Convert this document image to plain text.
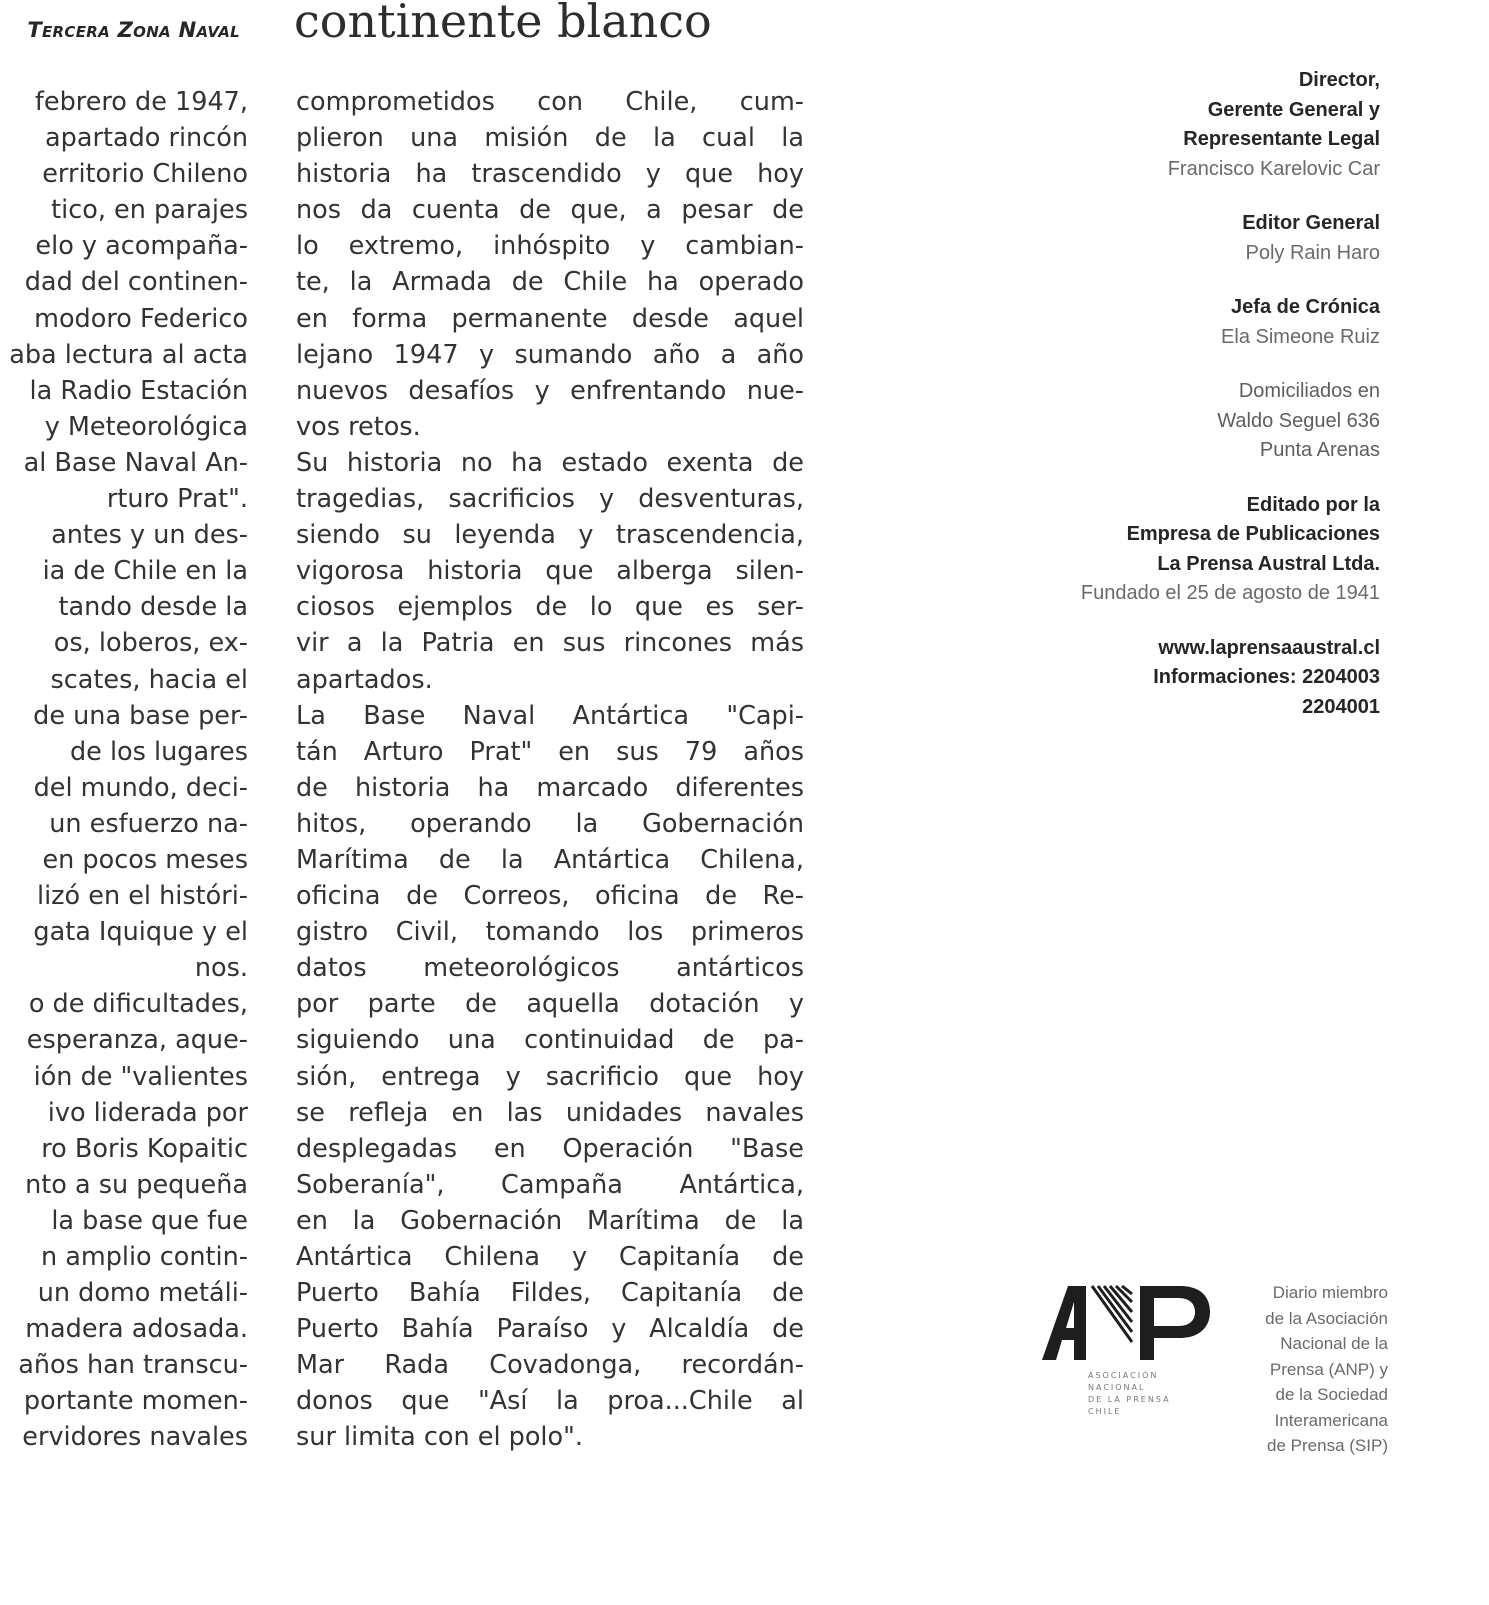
Tercera Zona Naval continente blanco
febrero de 1947,
apartado rincón
erritorio Chileno
tico, en parajes
elo y acompaña-
dad del continen-
modoro Federico
aba lectura al acta
la Radio Estación
y Meteorológica
al Base Naval An-
rturo Prat".
antes y un des-
ia de Chile en la
tando desde la
os, loberos, ex-
scates, hacia el
de una base per-
de los lugares
del mundo, deci-
un esfuerzo na-
en pocos meses
lizó en el históri-
gata Iquique y el
nos.
o de dificultades,
esperanza, aque-
ión de "valientes
ivo liderada por
ro Boris Kopaitic
nto a su pequeña
la base que fue
n amplio contin-
un domo metáli-
madera adosada.
años han transcu-
portante momen-
ervidores navales
comprometidos con Chile, cum-
plieron una misión de la cual la
historia ha trascendido y que hoy
nos da cuenta de que, a pesar de
lo extremo, inhóspito y cambian-
te, la Armada de Chile ha operado
en forma permanente desde aquel
lejano 1947 y sumando año a año
nuevos desafíos y enfrentando nue-
vos retos.
Su historia no ha estado exenta de
tragedias, sacrificios y desventuras,
siendo su leyenda y trascendencia,
vigorosa historia que alberga silen-
ciosos ejemplos de lo que es ser-
vir a la Patria en sus rincones más
apartados.
La Base Naval Antártica "Capi-
tán Arturo Prat" en sus 79 años
de historia ha marcado diferentes
hitos, operando la Gobernación
Marítima de la Antártica Chilena,
oficina de Correos, oficina de Re-
gistro Civil, tomando los primeros
datos meteorológicos antárticos
por parte de aquella dotación y
siguiendo una continuidad de pa-
sión, entrega y sacrificio que hoy
se refleja en las unidades navales
desplegadas en Operación "Base
Soberanía", Campaña Antártica,
en la Gobernación Marítima de la
Antártica Chilena y Capitanía de
Puerto Bahía Fildes, Capitanía de
Puerto Bahía Paraíso y Alcaldía de
Mar Rada Covadonga, recordán-
donos que "Así la proa...Chile al
sur limita con el polo".
Director,
Gerente General y
Representante Legal
Francisco Karelovic Car
Editor General
Poly Rain Haro
Jefa de Crónica
Ela Simeone Ruiz
Domiciliados en
Waldo Seguel 636
Punta Arenas
Editado por la
Empresa de Publicaciones
La Prensa Austral Ltda.
Fundado el 25 de agosto de 1941
www.laprensaaustral.cl
Informaciones: 2204003
2204001
ASOCIACIÓN
NACIONAL
DE LA PRENSA
CHILE
Diario miembro
de la Asociación
Nacional de la
Prensa (ANP) y
de la Sociedad
Interamericana
de Prensa (SIP)
